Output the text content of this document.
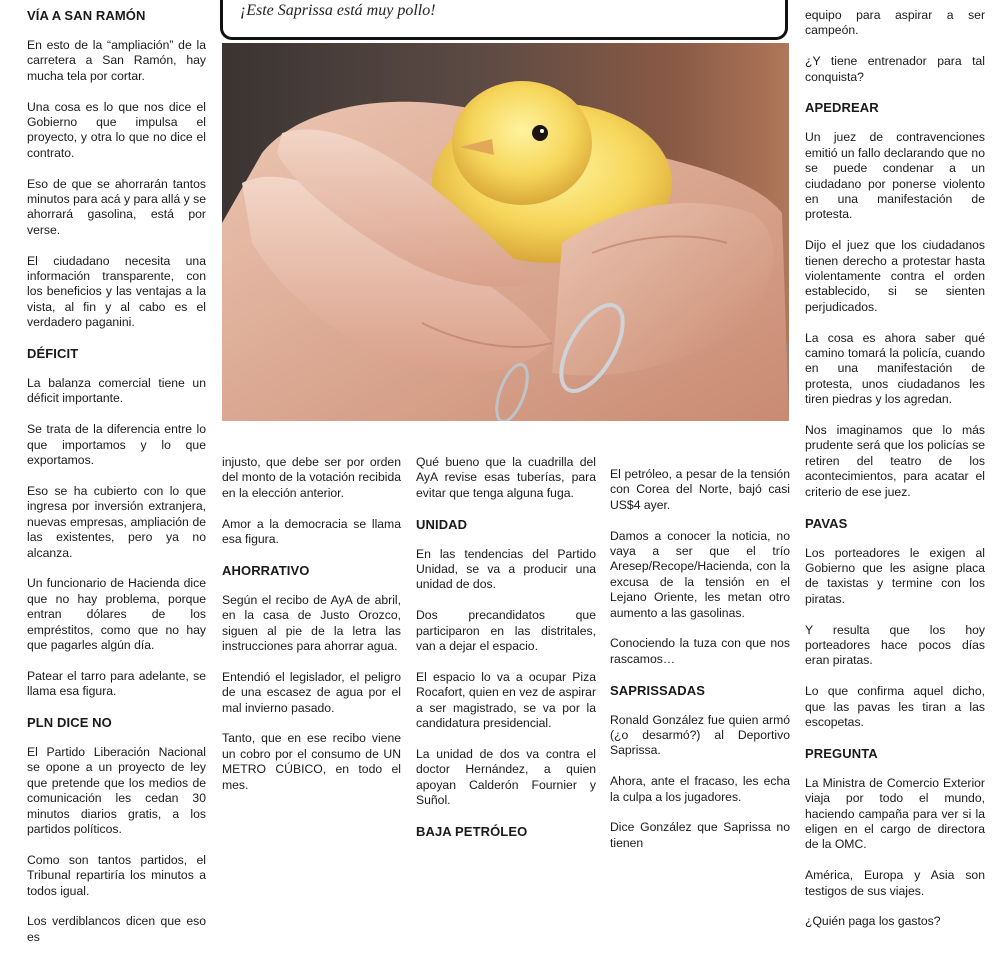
¡Este Saprissa está muy pollo!
VÍA A SAN RAMÓN

En esto de la “ampliación” de la carretera a San Ramón, hay mucha tela por cortar.

Una cosa es lo que nos dice el Gobierno que impulsa el proyecto, y otra lo que no dice el contrato.

Eso de que se ahorrarán tantos minutos para acá y para allá y se ahorrará gasolina, está por verse.

El ciudadano necesita una información transparente, con los beneficios y las ventajas a la vista, al fin y al cabo es el verdadero paganini.

DÉFICIT

La balanza comercial tiene un déficit importante.

Se trata de la diferencia entre lo que importamos y lo que exportamos.

Eso se ha cubierto con lo que ingresa por inversión extranjera, nuevas empresas, ampliación de las existentes, pero ya no alcanza.

Un funcionario de Hacienda dice que no hay problema, porque entran dólares de los empréstitos, como que no hay que pagarles algún día.

Patear el tarro para adelante, se llama esa figura.

PLN DICE NO

El Partido Liberación Nacional se opone a un proyecto de ley que pretende que los medios de comunicación les cedan 30 minutos diarios gratis, a los partidos políticos.

Como son tantos partidos, el Tribunal repartiría los minutos a todos igual.

Los verdiblancos dicen que eso es

injusto, que debe ser por orden del monto de la votación recibida en la elección anterior.

Amor a la democracia se llama esa figura.

AHORRATIVO

Según el recibo de AyA de abril, en la casa de Justo Orozco, siguen al pie de la letra las instrucciones para ahorrar agua.

Entendió el legislador, el peligro de una escasez de agua por el mal invierno pasado.

Tanto, que en ese recibo viene un cobro por el consumo de UN METRO CÚBICO, en todo el mes.

Qué bueno que la cuadrilla del AyA revise esas tuberías, para evitar que tenga alguna fuga.

UNIDAD

En las tendencias del Partido Unidad, se va a producir una unidad de dos.

Dos precandidatos que participaron en las distritales, van a dejar el espacio.

El espacio lo va a ocupar Piza Rocafort, quien en vez de aspirar a ser magistrado, se va por la candidatura presidencial.

La unidad de dos va contra el doctor Hernández, a quien apoyan Calderón Fournier y Suñol.

BAJA PETRÓLEO

El petróleo, a pesar de la tensión con Corea del Norte, bajó casi US$4 ayer.

Damos a conocer la noticia, no vaya a ser que el trío Aresep/Recope/Hacienda, con la excusa de la tensión en el Lejano Oriente, les metan otro aumento a las gasolinas.

Conociendo la tuza con que nos rascamos…

SAPRISSADAS

Ronald González fue quien armó (¿o desarmó?) al Deportivo Saprissa.

Ahora, ante el fracaso, les echa la culpa a los jugadores.

Dice González que Saprissa no tienen

equipo para aspirar a ser campeón.

¿Y tiene entrenador para tal conquista?

APEDREAR

Un juez de contravenciones emitió un fallo declarando que no se puede condenar a un ciudadano por ponerse violento en una manifestación de protesta.

Dijo el juez que los ciudadanos tienen derecho a protestar hasta violentamente contra el orden establecido, si se sienten perjudicados.

La cosa es ahora saber qué camino tomará la policía, cuando en una manifestación de protesta, unos ciudadanos les tiren piedras y los agredan.

Nos imaginamos que lo más prudente será que los policías se retiren del teatro de los acontecimientos, para acatar el criterio de ese juez.

PAVAS

Los porteadores le exigen al Gobierno que les asigne placa de taxistas y termine con los piratas.

Y resulta que los hoy porteadores hace pocos días eran piratas.

Lo que confirma aquel dicho, que las pavas les tiran a las escopetas.

PREGUNTA

La Ministra de Comercio Exterior viaja por todo el mundo, haciendo campaña para ver si la eligen en el cargo de directora de la OMC.

América, Europa y Asia son testigos de sus viajes.

¿Quién paga los gastos?
